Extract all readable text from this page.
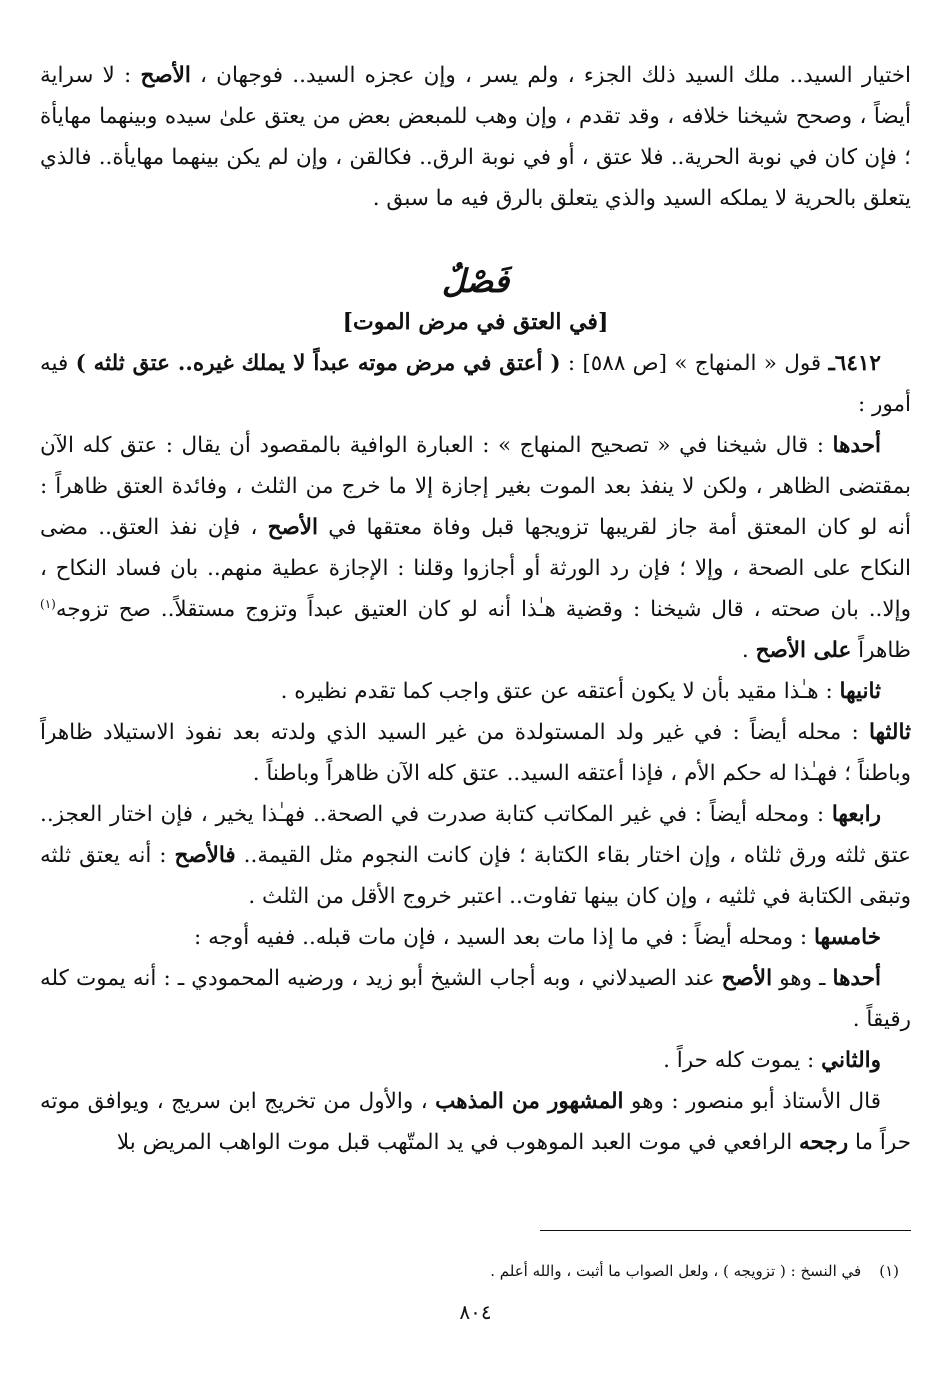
اختيار السيد.. ملك السيد ذلك الجزء ، ولم يسر ، وإن عجزه السيد.. فوجهان ، الأصح : لا سراية أيضاً ، وصحح شيخنا خلافه ، وقد تقدم ، وإن وهب للمبعض بعض من يعتق علىٰ سيده وبينهما مهايأة ؛ فإن كان في نوبة الحرية.. فلا عتق ، أو في نوبة الرق.. فكالقن ، وإن لم يكن بينهما مهايأة.. فالذي يتعلق بالحرية لا يملكه السيد والذي يتعلق بالرق فيه ما سبق .

فَصْلٌ

[في العتق في مرض الموت]

٦٤١٢ـ قول « المنهاج » [ص ٥٨٨] : ( أعتق في مرض موته عبداً لا يملك غيره.. عتق ثلثه ) فيه أمور :

أحدها : قال شيخنا في « تصحيح المنهاج » : العبارة الوافية بالمقصود أن يقال : عتق كله الآن بمقتضى الظاهر ، ولكن لا ينفذ بعد الموت بغير إجازة إلا ما خرج من الثلث ، وفائدة العتق ظاهراً : أنه لو كان المعتق أمة جاز لقريبها تزويجها قبل وفاة معتقها في الأصح ، فإن نفذ العتق.. مضى النكاح على الصحة ، وإلا ؛ فإن رد الورثة أو أجازوا وقلنا : الإجازة عطية منهم.. بان فساد النكاح ، وإلا.. بان صحته ، قال شيخنا : وقضية هـٰذا أنه لو كان العتيق عبداً وتزوج مستقلاً.. صح تزوجه$^{(١)}$ ظاهراً على الأصح .

ثانيها : هـٰذا مقيد بأن لا يكون أعتقه عن عتق واجب كما تقدم نظيره .

ثالثها : محله أيضاً : في غير ولد المستولدة من غير السيد الذي ولدته بعد نفوذ الاستيلاد ظاهراً وباطناً ؛ فهـٰذا له حكم الأم ، فإذا أعتقه السيد.. عتق كله الآن ظاهراً وباطناً .

رابعها : ومحله أيضاً : في غير المكاتب كتابة صدرت في الصحة.. فهـٰذا يخير ، فإن اختار العجز.. عتق ثلثه ورق ثلثاه ، وإن اختار بقاء الكتابة ؛ فإن كانت النجوم مثل القيمة.. فالأصح : أنه يعتق ثلثه وتبقى الكتابة في ثلثيه ، وإن كان بينها تفاوت.. اعتبر خروج الأقل من الثلث .

خامسها : ومحله أيضاً : في ما إذا مات بعد السيد ، فإن مات قبله.. ففيه أوجه :

أحدها ـ وهو الأصح عند الصيدلاني ، وبه أجاب الشيخ أبو زيد ، ورضيه المحمودي ـ : أنه يموت كله رقيقاً .

والثاني : يموت كله حراً .

قال الأستاذ أبو منصور : وهو المشهور من المذهب ، والأول من تخريج ابن سريج ، ويوافق موته حراً ما رجحه الرافعي في موت العبد الموهوب في يد المتّهب قبل موت الواهب المريض بلا

(١)في النسخ : ( تزويجه ) ، ولعل الصواب ما أثبت ، والله أعلم .

٨٠٤
